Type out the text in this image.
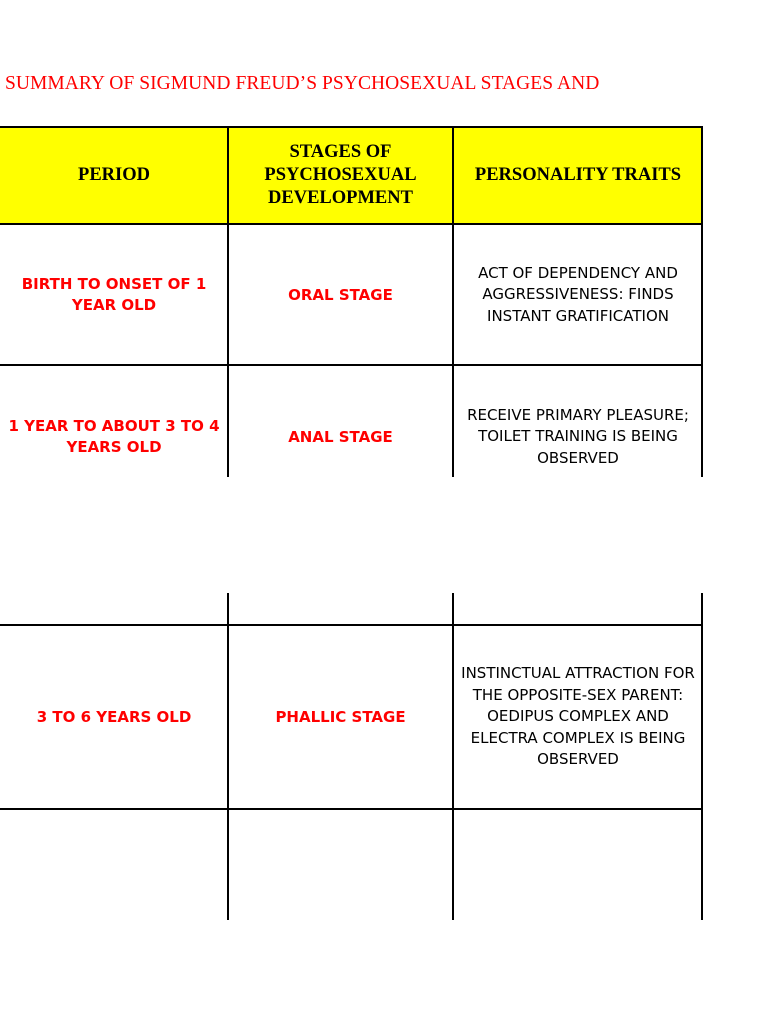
SUMMARY OF SIGMUND FREUD’S PSYCHOSEXUAL STAGES AND
PERIOD
STAGES OF PSYCHOSEXUAL DEVELOPMENT
PERSONALITY TRAITS
BIRTH TO ONSET OF 1 YEAR OLD
ORAL STAGE
ACT OF DEPENDENCY AND AGGRESSIVENESS: FINDS INSTANT GRATIFICATION
1 YEAR TO ABOUT 3 TO 4 YEARS OLD
ANAL STAGE
RECEIVE PRIMARY PLEASURE; TOILET TRAINING IS BEING OBSERVED
3 TO 6 YEARS OLD	PHALLIC STAGE
INSTINCTUAL ATTRACTION FOR THE OPPOSITE-SEX PARENT: OEDIPUS COMPLEX AND ELECTRA COMPLEX IS BEING OBSERVED
